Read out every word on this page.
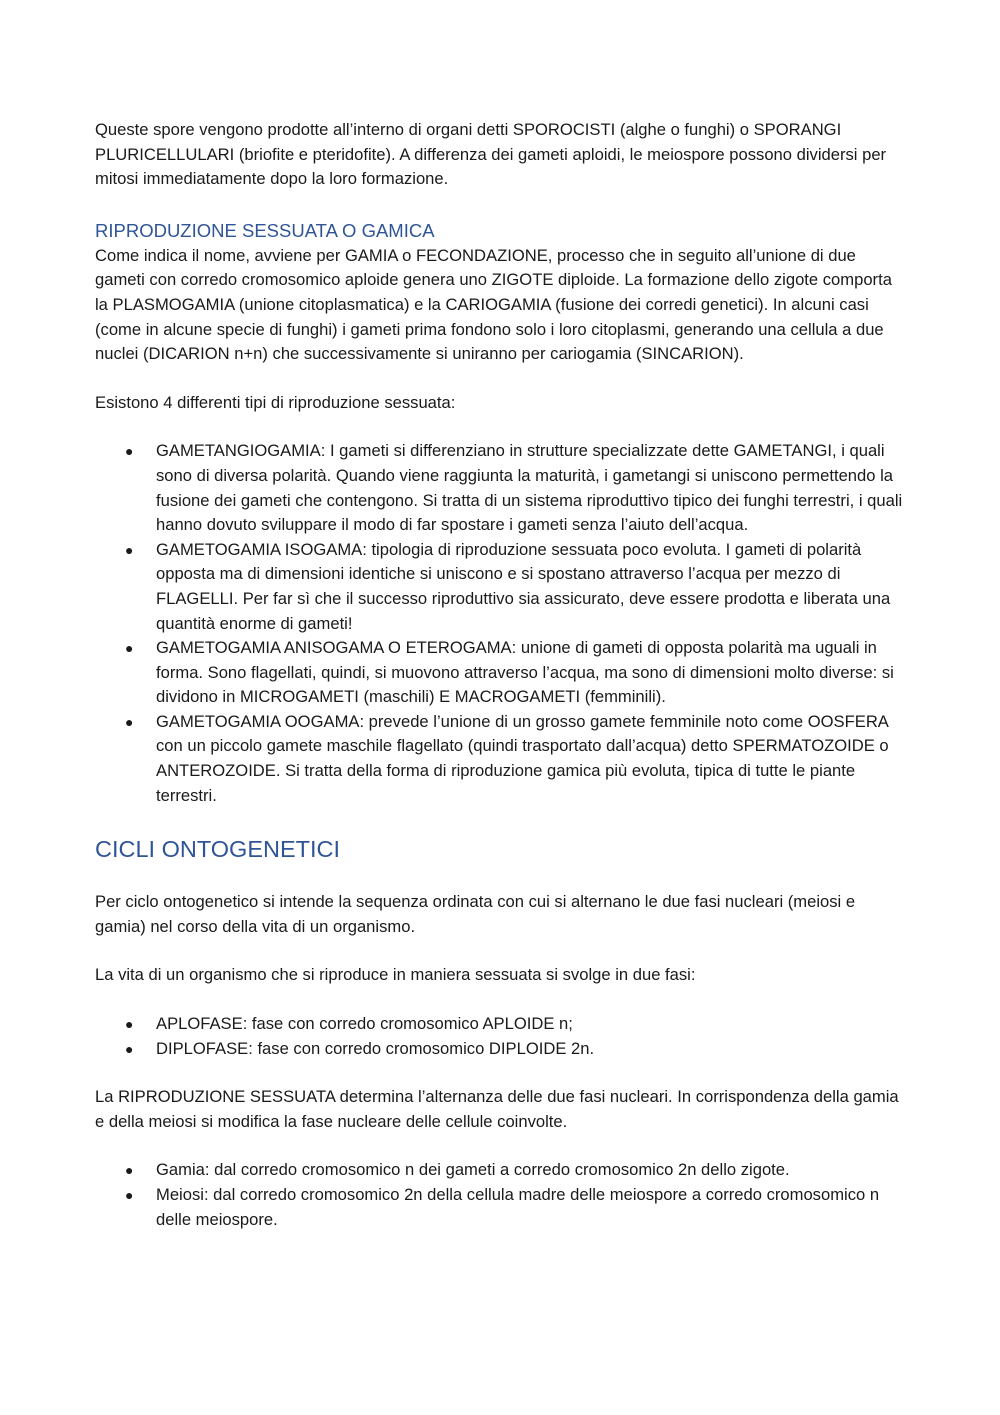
Queste spore vengono prodotte all’interno di organi detti SPOROCISTI (alghe o funghi) o SPORANGI PLURICELLULARI (briofite e pteridofite). A differenza dei gameti aploidi, le meiospore possono dividersi per mitosi immediatamente dopo la loro formazione.

RIPRODUZIONE SESSUATA O GAMICA

Come indica il nome, avviene per GAMIA o FECONDAZIONE, processo che in seguito all’unione di due gameti con corredo cromosomico aploide genera uno ZIGOTE diploide. La formazione dello zigote comporta la PLASMOGAMIA (unione citoplasmatica) e la CARIOGAMIA (fusione dei corredi genetici). In alcuni casi (come in alcune specie di funghi) i gameti prima fondono solo i loro citoplasmi, generando una cellula a due nuclei (DICARION n+n) che successivamente si uniranno per cariogamia (SINCARION).

Esistono 4 differenti tipi di riproduzione sessuata:

● GAMETANGIOGAMIA: I gameti si differenziano in strutture specializzate dette GAMETANGI, i quali sono di diversa polarità. Quando viene raggiunta la maturità, i gametangi si uniscono permettendo la fusione dei gameti che contengono. Si tratta di un sistema riproduttivo tipico dei funghi terrestri, i quali hanno dovuto sviluppare il modo di far spostare i gameti senza l’aiuto dell’acqua.
● GAMETOGAMIA ISOGAMA: tipologia di riproduzione sessuata poco evoluta. I gameti di polarità opposta ma di dimensioni identiche si uniscono e si spostano attraverso l’acqua per mezzo di FLAGELLI. Per far sì che il successo riproduttivo sia assicurato, deve essere prodotta e liberata una quantità enorme di gameti!
● GAMETOGAMIA ANISOGAMA O ETEROGAMA: unione di gameti di opposta polarità ma uguali in forma. Sono flagellati, quindi, si muovono attraverso l’acqua, ma sono di dimensioni molto diverse: si dividono in MICROGAMETI (maschili) E MACROGAMETI (femminili).
● GAMETOGAMIA OOGAMA: prevede l’unione di un grosso gamete femminile noto come OOSFERA con un piccolo gamete maschile flagellato (quindi trasportato dall’acqua) detto SPERMATOZOIDE o ANTEROZOIDE. Si tratta della forma di riproduzione gamica più evoluta, tipica di tutte le piante terrestri.
CICLI ONTOGENETICI

Per ciclo ontogenetico si intende la sequenza ordinata con cui si alternano le due fasi nucleari (meiosi e gamia) nel corso della vita di un organismo.

La vita di un organismo che si riproduce in maniera sessuata si svolge in due fasi:

● APLOFASE: fase con corredo cromosomico APLOIDE n;
● DIPLOFASE: fase con corredo cromosomico DIPLOIDE 2n.

La RIPRODUZIONE SESSUATA determina l’alternanza delle due fasi nucleari. In corrispondenza della gamia e della meiosi si modifica la fase nucleare delle cellule coinvolte.

● Gamia: dal corredo cromosomico n dei gameti a corredo cromosomico 2n dello zigote.
● Meiosi: dal corredo cromosomico 2n della cellula madre delle meiospore a corredo cromosomico n delle meiospore.
